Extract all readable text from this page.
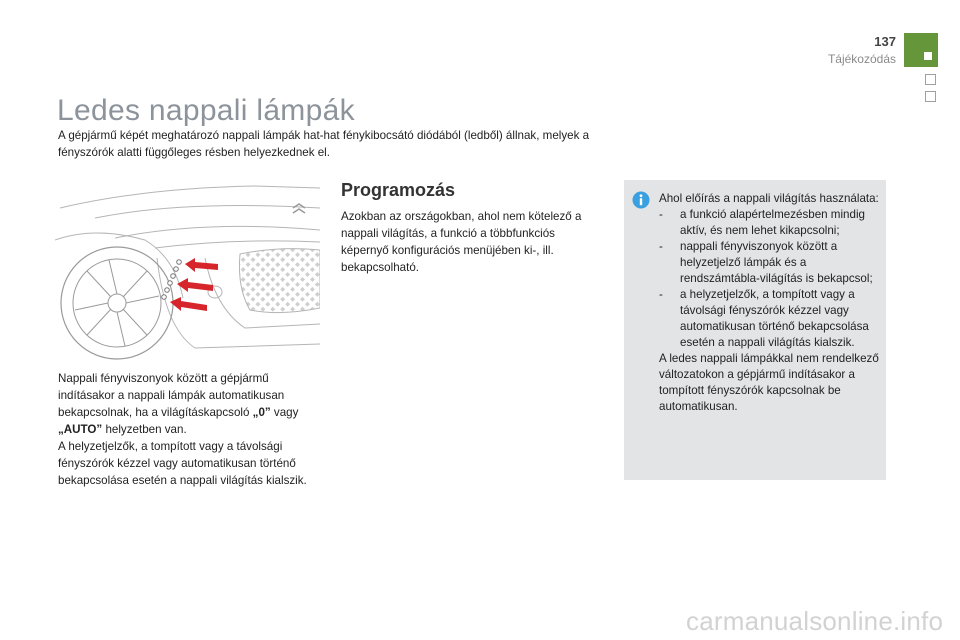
137
Tájékozódás
Ledes nappali lámpák

A gépjármű képét meghatározó nappali lámpák hat-hat fénykibocsátó diódából (ledből) állnak, melyek a fényszórók alatti függőleges résben helyezkednek el.

Nappali fényviszonyok között a gépjármű indításakor a nappali lámpák automatikusan bekapcsolnak, ha a világításkapcsoló „0” vagy „AUTO” helyzetben van.

A helyzetjelzők, a tompított vagy a távolsági fényszórók kézzel vagy automatikusan történő bekapcsolása esetén a nappali világítás kialszik.

Programozás

Azokban az országokban, ahol nem kötelező a nappali világítás, a funkció a többfunkciós képernyő konfigurációs menüjében ki-, ill. bekapcsolható.

Ahol előírás a nappali világítás használata:

-	a funkció alapértelmezésben mindig aktív, és nem lehet kikapcsolni;
-	nappali fényviszonyok között a helyzetjelző lámpák és a rendszámtábla-világítás is bekapcsol;
-	a helyzetjelzők, a tompított vagy a távolsági fényszórók kézzel vagy automatikusan történő bekapcsolása esetén a nappali világítás kialszik.

A ledes nappali lámpákkal nem rendelkező változatokon a gépjármű indításakor a tompított fényszórók kapcsolnak be automatikusan.

carmanualsonline.info
